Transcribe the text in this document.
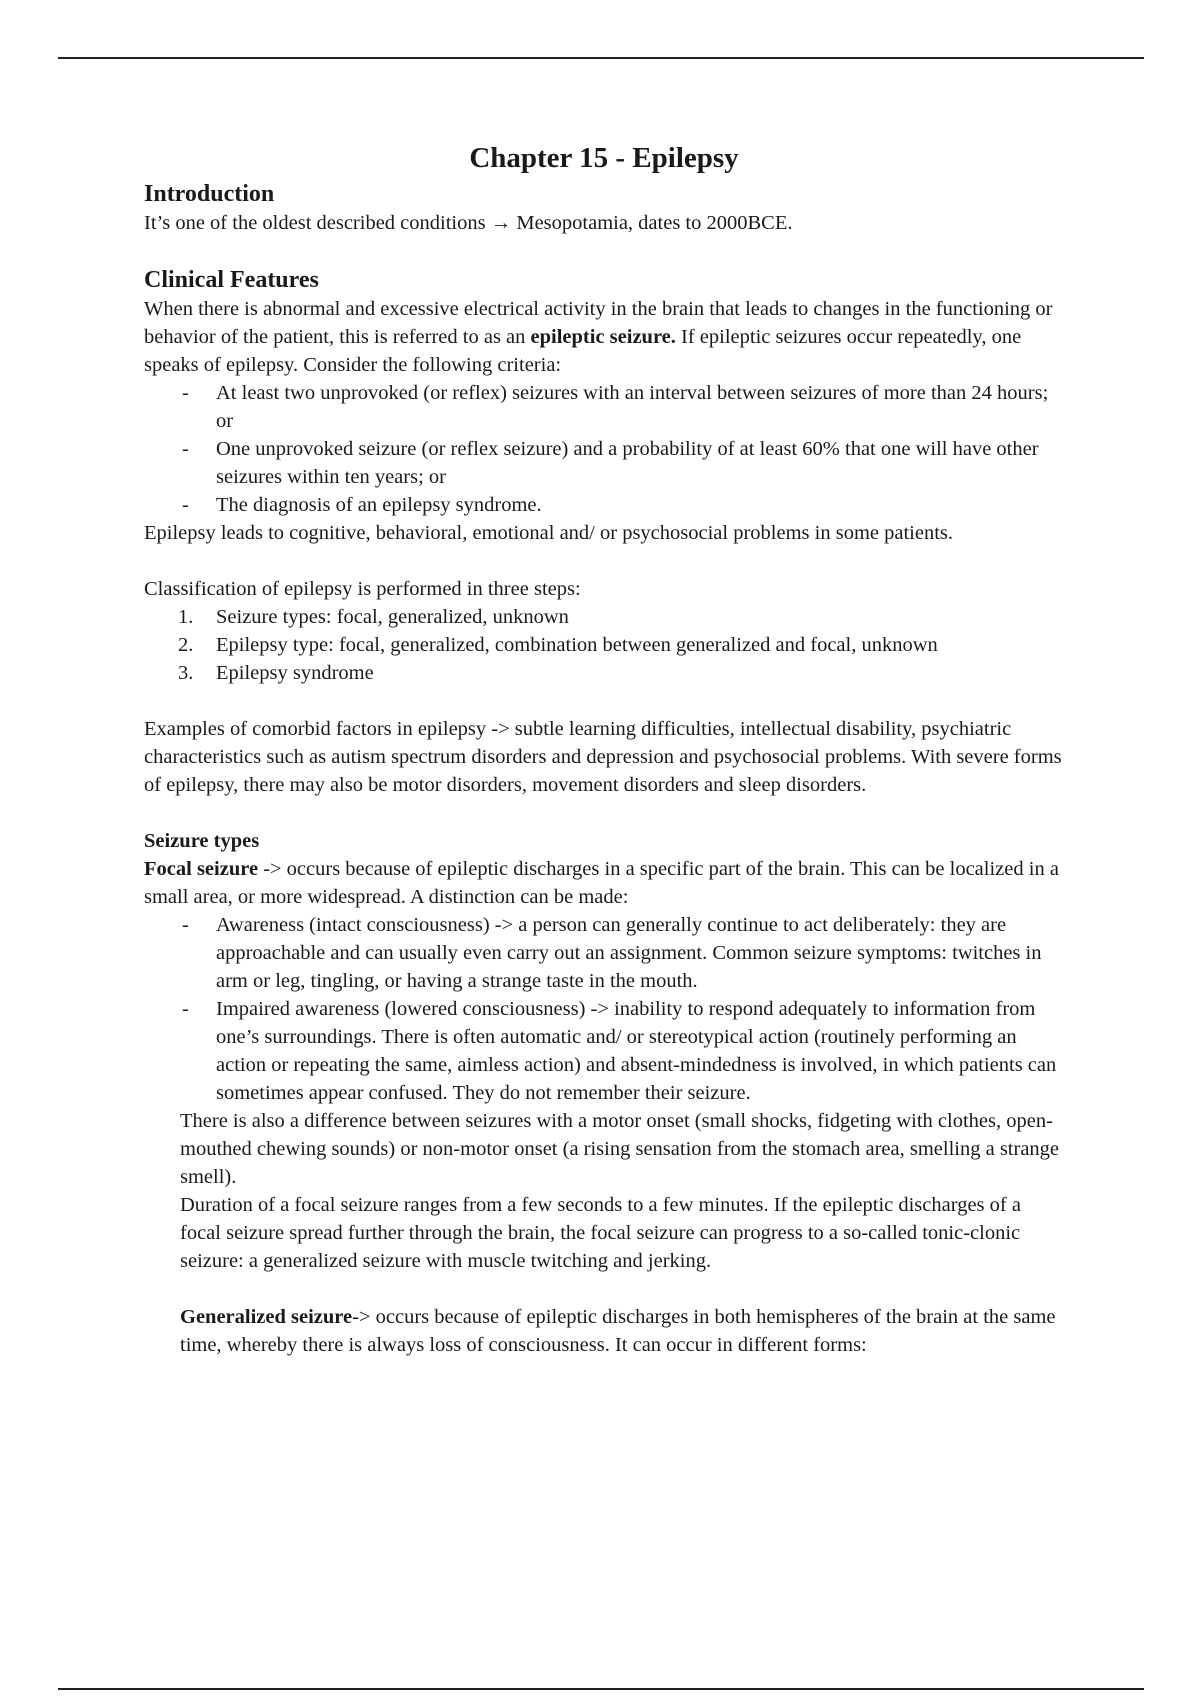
Chapter 15 - Epilepsy
Introduction

It’s one of the oldest described conditions → Mesopotamia, dates to 2000BCE.

Clinical Features

When there is abnormal and excessive electrical activity in the brain that leads to changes in the functioning or behavior of the patient, this is referred to as an epileptic seizure. If epileptic seizures occur repeatedly, one speaks of epilepsy. Consider the following criteria:

- At least two unprovoked (or reflex) seizures with an interval between seizures of more than 24 hours; or
- One unprovoked seizure (or reflex seizure) and a probability of at least 60% that one will have other seizures within ten years; or
- The diagnosis of an epilepsy syndrome.

Epilepsy leads to cognitive, behavioral, emotional and/ or psychosocial problems in some patients.

Classification of epilepsy is performed in three steps:

1. Seizure types: focal, generalized, unknown
2. Epilepsy type: focal, generalized, combination between generalized and focal, unknown
3. Epilepsy syndrome

Examples of comorbid factors in epilepsy -> subtle learning difficulties, intellectual disability, psychiatric characteristics such as autism spectrum disorders and depression and psychosocial problems. With severe forms of epilepsy, there may also be motor disorders, movement disorders and sleep disorders.

Seizure types

Focal seizure -> occurs because of epileptic discharges in a specific part of the brain. This can be localized in a small area, or more widespread. A distinction can be made:

- Awareness (intact consciousness) -> a person can generally continue to act deliberately: they are approachable and can usually even carry out an assignment. Common seizure symptoms: twitches in arm or leg, tingling, or having a strange taste in the mouth.
- Impaired awareness (lowered consciousness) -> inability to respond adequately to information from one’s surroundings. There is often automatic and/ or stereotypical action (routinely performing an action or repeating the same, aimless action) and absent-mindedness is involved, in which patients can sometimes appear confused. They do not remember their seizure.

There is also a difference between seizures with a motor onset (small shocks, fidgeting with clothes, open-mouthed chewing sounds) or non-motor onset (a rising sensation from the stomach area, smelling a strange smell).

Duration of a focal seizure ranges from a few seconds to a few minutes. If the epileptic discharges of a focal seizure spread further through the brain, the focal seizure can progress to a so-called tonic-clonic seizure: a generalized seizure with muscle twitching and jerking.

Generalized seizure-> occurs because of epileptic discharges in both hemispheres of the brain at the same time, whereby there is always loss of consciousness. It can occur in different forms:
